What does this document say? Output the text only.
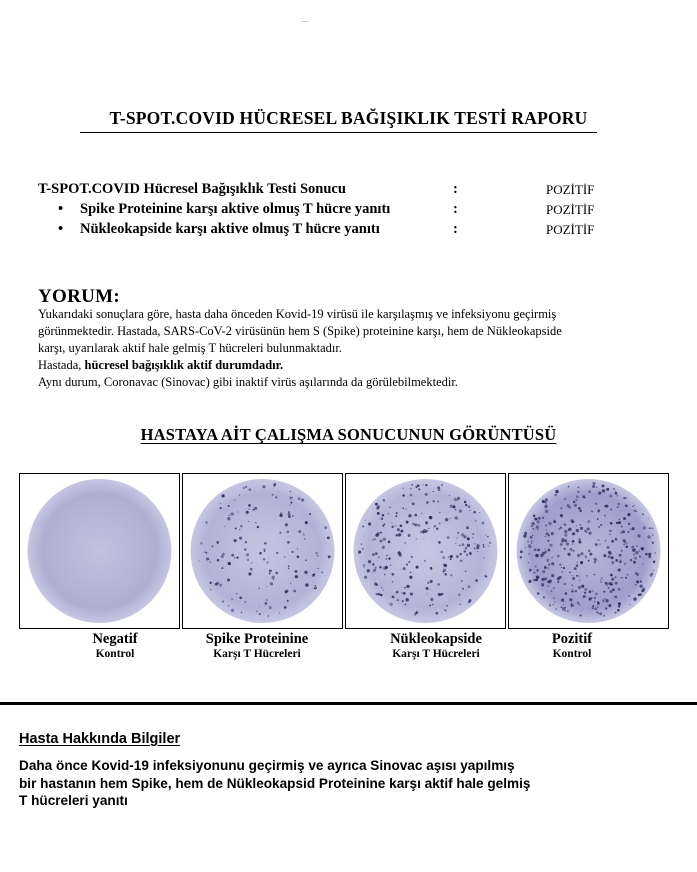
—
T-SPOT.COVID HÜCRESEL BAĞIŞIKLIK TESTİ RAPORU
T-SPOT.COVID Hücresel Bağışıklık Testi Sonucu	:	POZİTİF
• Spike Proteinine karşı aktive olmuş T hücre yanıtı	:	POZİTİF
• Nükleokapside karşı aktive olmuş T hücre yanıtı	:	POZİTİF
YORUM:
Yukarıdaki sonuçlara göre, hasta daha önceden Kovid-19 virüsü ile karşılaşmış ve infeksiyonu geçirmiş
görünmektedir. Hastada, SARS-CoV-2 virüsünün hem S (Spike) proteinine karşı, hem de Nükleokapside
karşı, uyarılarak aktif hale gelmiş T hücreleri bulunmaktadır.
Hastada, hücresel bağışıklık aktif durumdadır.
Aynı durum, Coronavac (Sinovac) gibi inaktif virüs aşılarında da görülebilmektedir.
HASTAYA AİT ÇALIŞMA SONUCUNUN GÖRÜNTÜSÜ
Negatif
Kontrol
Spike Proteinine
Karşı T Hücreleri
Nükleokapside
Karşı T Hücreleri
Pozitif
Kontrol
Hasta Hakkında Bilgiler
Daha önce Kovid-19 infeksiyonunu geçirmiş ve ayrıca Sinovac aşısı yapılmış
bir hastanın hem Spike, hem de Nükleokapsid Proteinine karşı aktif hale gelmiş
T hücreleri yanıtı
